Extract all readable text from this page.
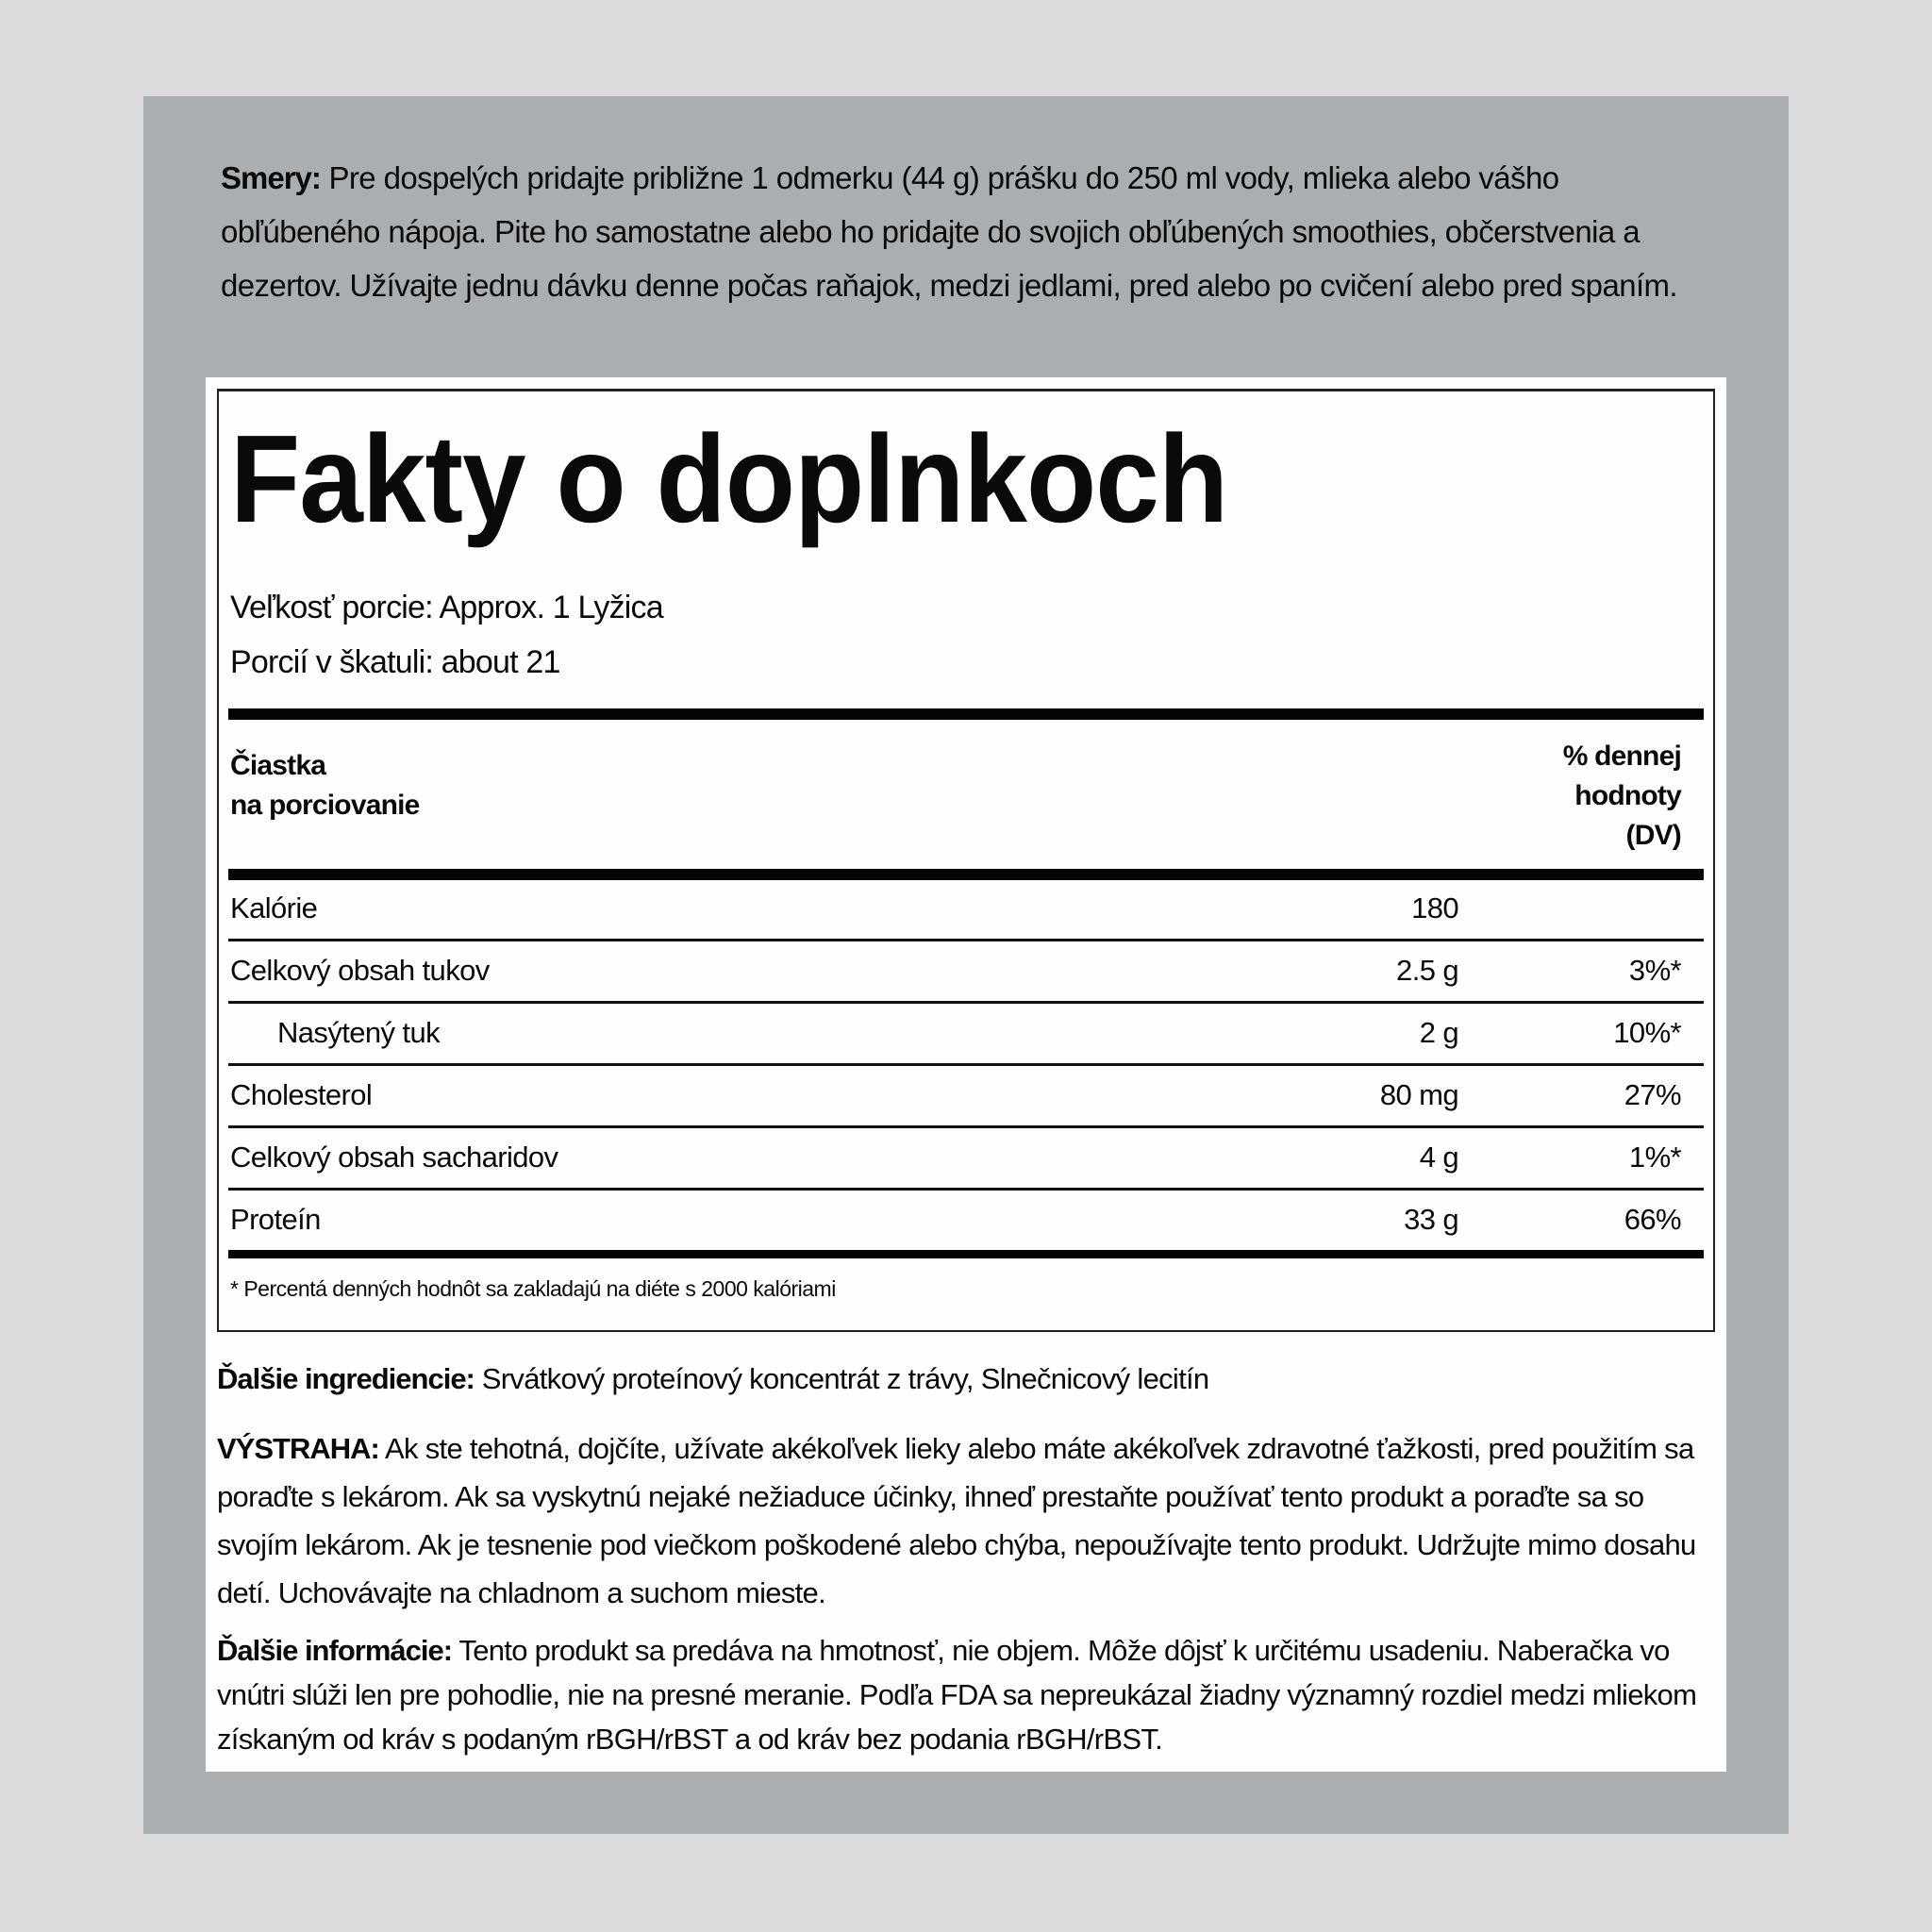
Smery: Pre dospelých pridajte približne 1 odmerku (44 g) prášku do 250 ml vody, mlieka alebo vášho obľúbeného nápoja. Pite ho samostatne alebo ho pridajte do svojich obľúbených smoothies, občerstvenia a dezertov. Užívajte jednu dávku denne počas raňajok, medzi jedlami, pred alebo po cvičení alebo pred spaním.

Fakty o doplnkoch
Veľkosť porcie: Approx. 1 Lyžica
Porcií v škatuli: about 21
Čiastka
na porciovanie
% dennej
hodnoty
(DV)
Kalórie	180
Celkový obsah tukov	2.5 g	3%*
Nasýtený tuk	2 g	10%*
Cholesterol	80 mg	27%
Celkový obsah sacharidov	4 g	1%*
Proteín	33 g	66%
* Percentá denných hodnôt sa zakladajú na diéte s 2000 kalóriami

Ďalšie ingrediencie: Srvátkový proteínový koncentrát z trávy, Slnečnicový lecitín

VÝSTRAHA: Ak ste tehotná, dojčíte, užívate akékoľvek lieky alebo máte akékoľvek zdravotné ťažkosti, pred použitím sa poraďte s lekárom. Ak sa vyskytnú nejaké nežiaduce účinky, ihneď prestaňte používať tento produkt a poraďte sa so svojím lekárom. Ak je tesnenie pod viečkom poškodené alebo chýba, nepoužívajte tento produkt. Udržujte mimo dosahu detí. Uchovávajte na chladnom a suchom mieste.

Ďalšie informácie: Tento produkt sa predáva na hmotnosť, nie objem. Môže dôjsť k určitému usadeniu. Naberačka vo vnútri slúži len pre pohodlie, nie na presné meranie. Podľa FDA sa nepreukázal žiadny významný rozdiel medzi mliekom získaným od kráv s podaným rBGH/rBST a od kráv bez podania rBGH/rBST.
